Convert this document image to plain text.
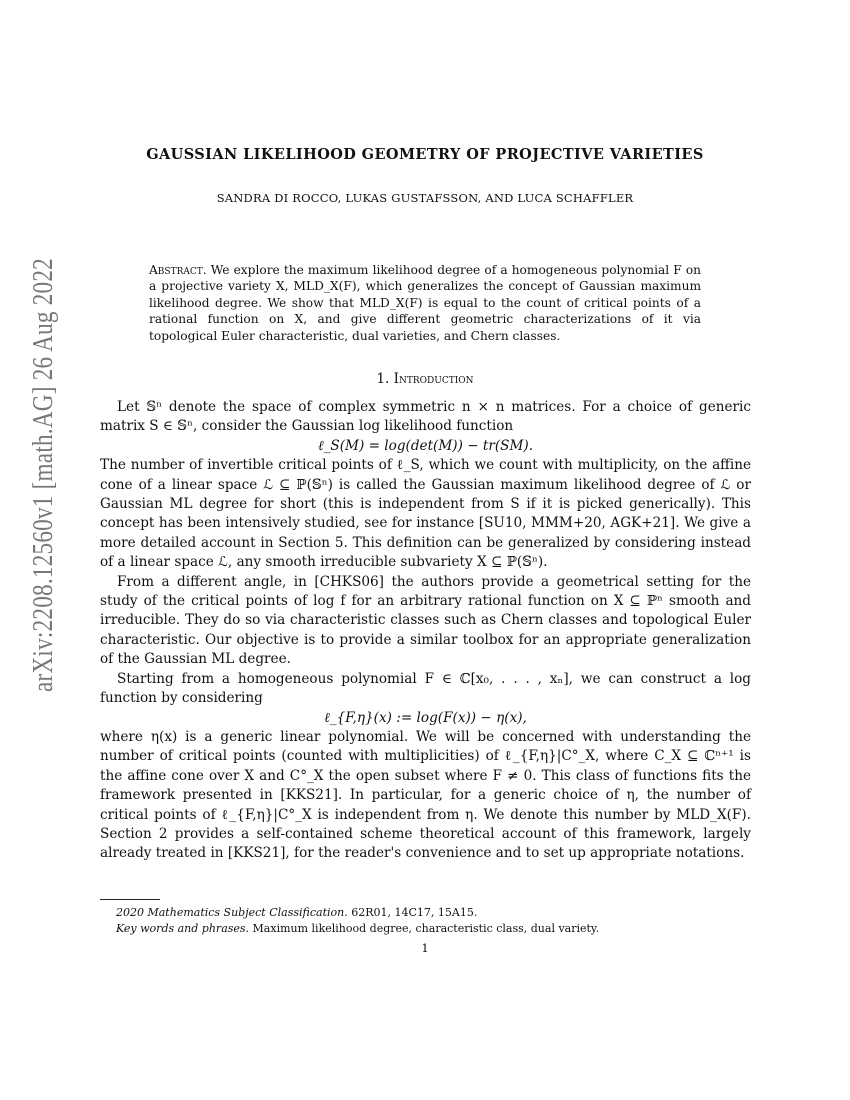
arXiv:2208.12560v1 [math.AG] 26 Aug 2022	GAUSSIAN LIKELIHOOD GEOMETRY OF PROJECTIVE VARIETIES
SANDRA DI ROCCO, LUKAS GUSTAFSSON, AND LUCA SCHAFFLER
Abstract. We explore the maximum likelihood degree of a homogeneous polynomial F on a projective variety X, MLD_X(F), which generalizes the concept of Gaussian maximum likelihood degree. We show that MLD_X(F) is equal to the count of critical points of a rational function on X, and give different geometric characterizations of it via topological Euler characteristic, dual varieties, and Chern classes.
1. Introduction

Let 𝕊ⁿ denote the space of complex symmetric n × n matrices. For a choice of generic matrix S ∈ 𝕊ⁿ, consider the Gaussian log likelihood function

ℓ_S(M) = log(det(M)) − tr(SM).

The number of invertible critical points of ℓ_S, which we count with multiplicity, on the affine cone of a linear space ℒ ⊆ ℙ(𝕊ⁿ) is called the Gaussian maximum likelihood degree of ℒ or Gaussian ML degree for short (this is independent from S if it is picked generically). This concept has been intensively studied, see for instance [SU10, MMM+20, AGK+21]. We give a more detailed account in Section 5. This definition can be generalized by considering instead of a linear space ℒ, any smooth irreducible subvariety X ⊆ ℙ(𝕊ⁿ).

From a different angle, in [CHKS06] the authors provide a geometrical setting for the study of the critical points of log f for an arbitrary rational function on X ⊆ ℙⁿ smooth and irreducible. They do so via characteristic classes such as Chern classes and topological Euler characteristic. Our objective is to provide a similar toolbox for an appropriate generalization of the Gaussian ML degree.

Starting from a homogeneous polynomial F ∈ ℂ[x₀, . . . , xₙ], we can construct a log function by considering

ℓ_{F,η}(x) := log(F(x)) − η(x),

where η(x) is a generic linear polynomial. We will be concerned with understanding the number of critical points (counted with multiplicities) of ℓ_{F,η}|C°_X, where C_X ⊆ ℂⁿ⁺¹ is the affine cone over X and C°_X the open subset where F ≠ 0. This class of functions fits the framework presented in [KKS21]. In particular, for a generic choice of η, the number of critical points of ℓ_{F,η}|C°_X is independent from η. We denote this number by MLD_X(F). Section 2 provides a self-contained scheme theoretical account of this framework, largely already treated in [KKS21], for the reader's convenience and to set up appropriate notations.

2020 Mathematics Subject Classification. 62R01, 14C17, 15A15.

Key words and phrases. Maximum likelihood degree, characteristic class, dual variety.

1
